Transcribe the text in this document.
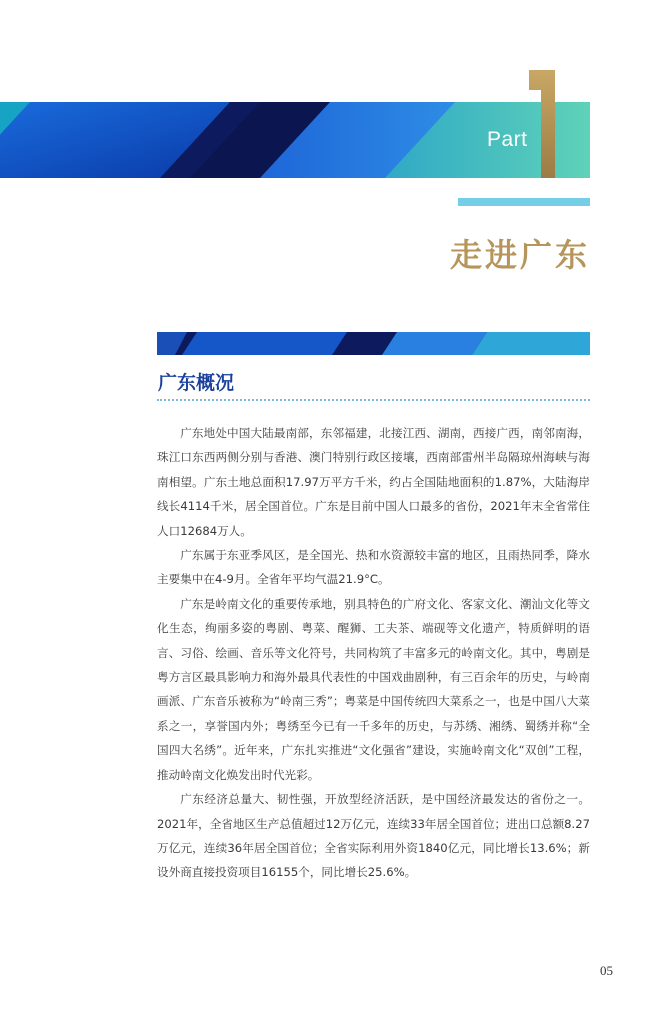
Part
走进广东
广东概况

广东地处中国大陆最南部，东邻福建，北接江西、湖南，西接广西，南邻南海，珠江口东西两侧分别与香港、澳门特别行政区接壤，西南部雷州半岛隔琼州海峡与海南相望。广东土地总面积17.97万平方千米，约占全国陆地面积的1.87%，大陆海岸线长4114千米，居全国首位。广东是目前中国人口最多的省份，2021年末全省常住人口12684万人。

广东属于东亚季风区，是全国光、热和水资源较丰富的地区，且雨热同季，降水主要集中在4-9月。全省年平均气温21.9°C。

广东是岭南文化的重要传承地，别具特色的广府文化、客家文化、潮汕文化等文化生态，绚丽多姿的粤剧、粤菜、醒狮、工夫茶、端砚等文化遗产，特质鲜明的语言、习俗、绘画、音乐等文化符号，共同构筑了丰富多元的岭南文化。其中，粤剧是粤方言区最具影响力和海外最具代表性的中国戏曲剧种，有三百余年的历史，与岭南画派、广东音乐被称为“岭南三秀”；粤菜是中国传统四大菜系之一，也是中国八大菜系之一，享誉国内外；粤绣至今已有一千多年的历史，与苏绣、湘绣、蜀绣并称“全国四大名绣”。近年来，广东扎实推进“文化强省”建设，实施岭南文化“双创”工程，推动岭南文化焕发出时代光彩。

广东经济总量大、韧性强，开放型经济活跃，是中国经济最发达的省份之一。2021年，全省地区生产总值超过12万亿元，连续33年居全国首位；进出口总额8.27万亿元，连续36年居全国首位；全省实际利用外资1840亿元，同比增长13.6%；新设外商直接投资项目16155个，同比增长25.6%。

05
